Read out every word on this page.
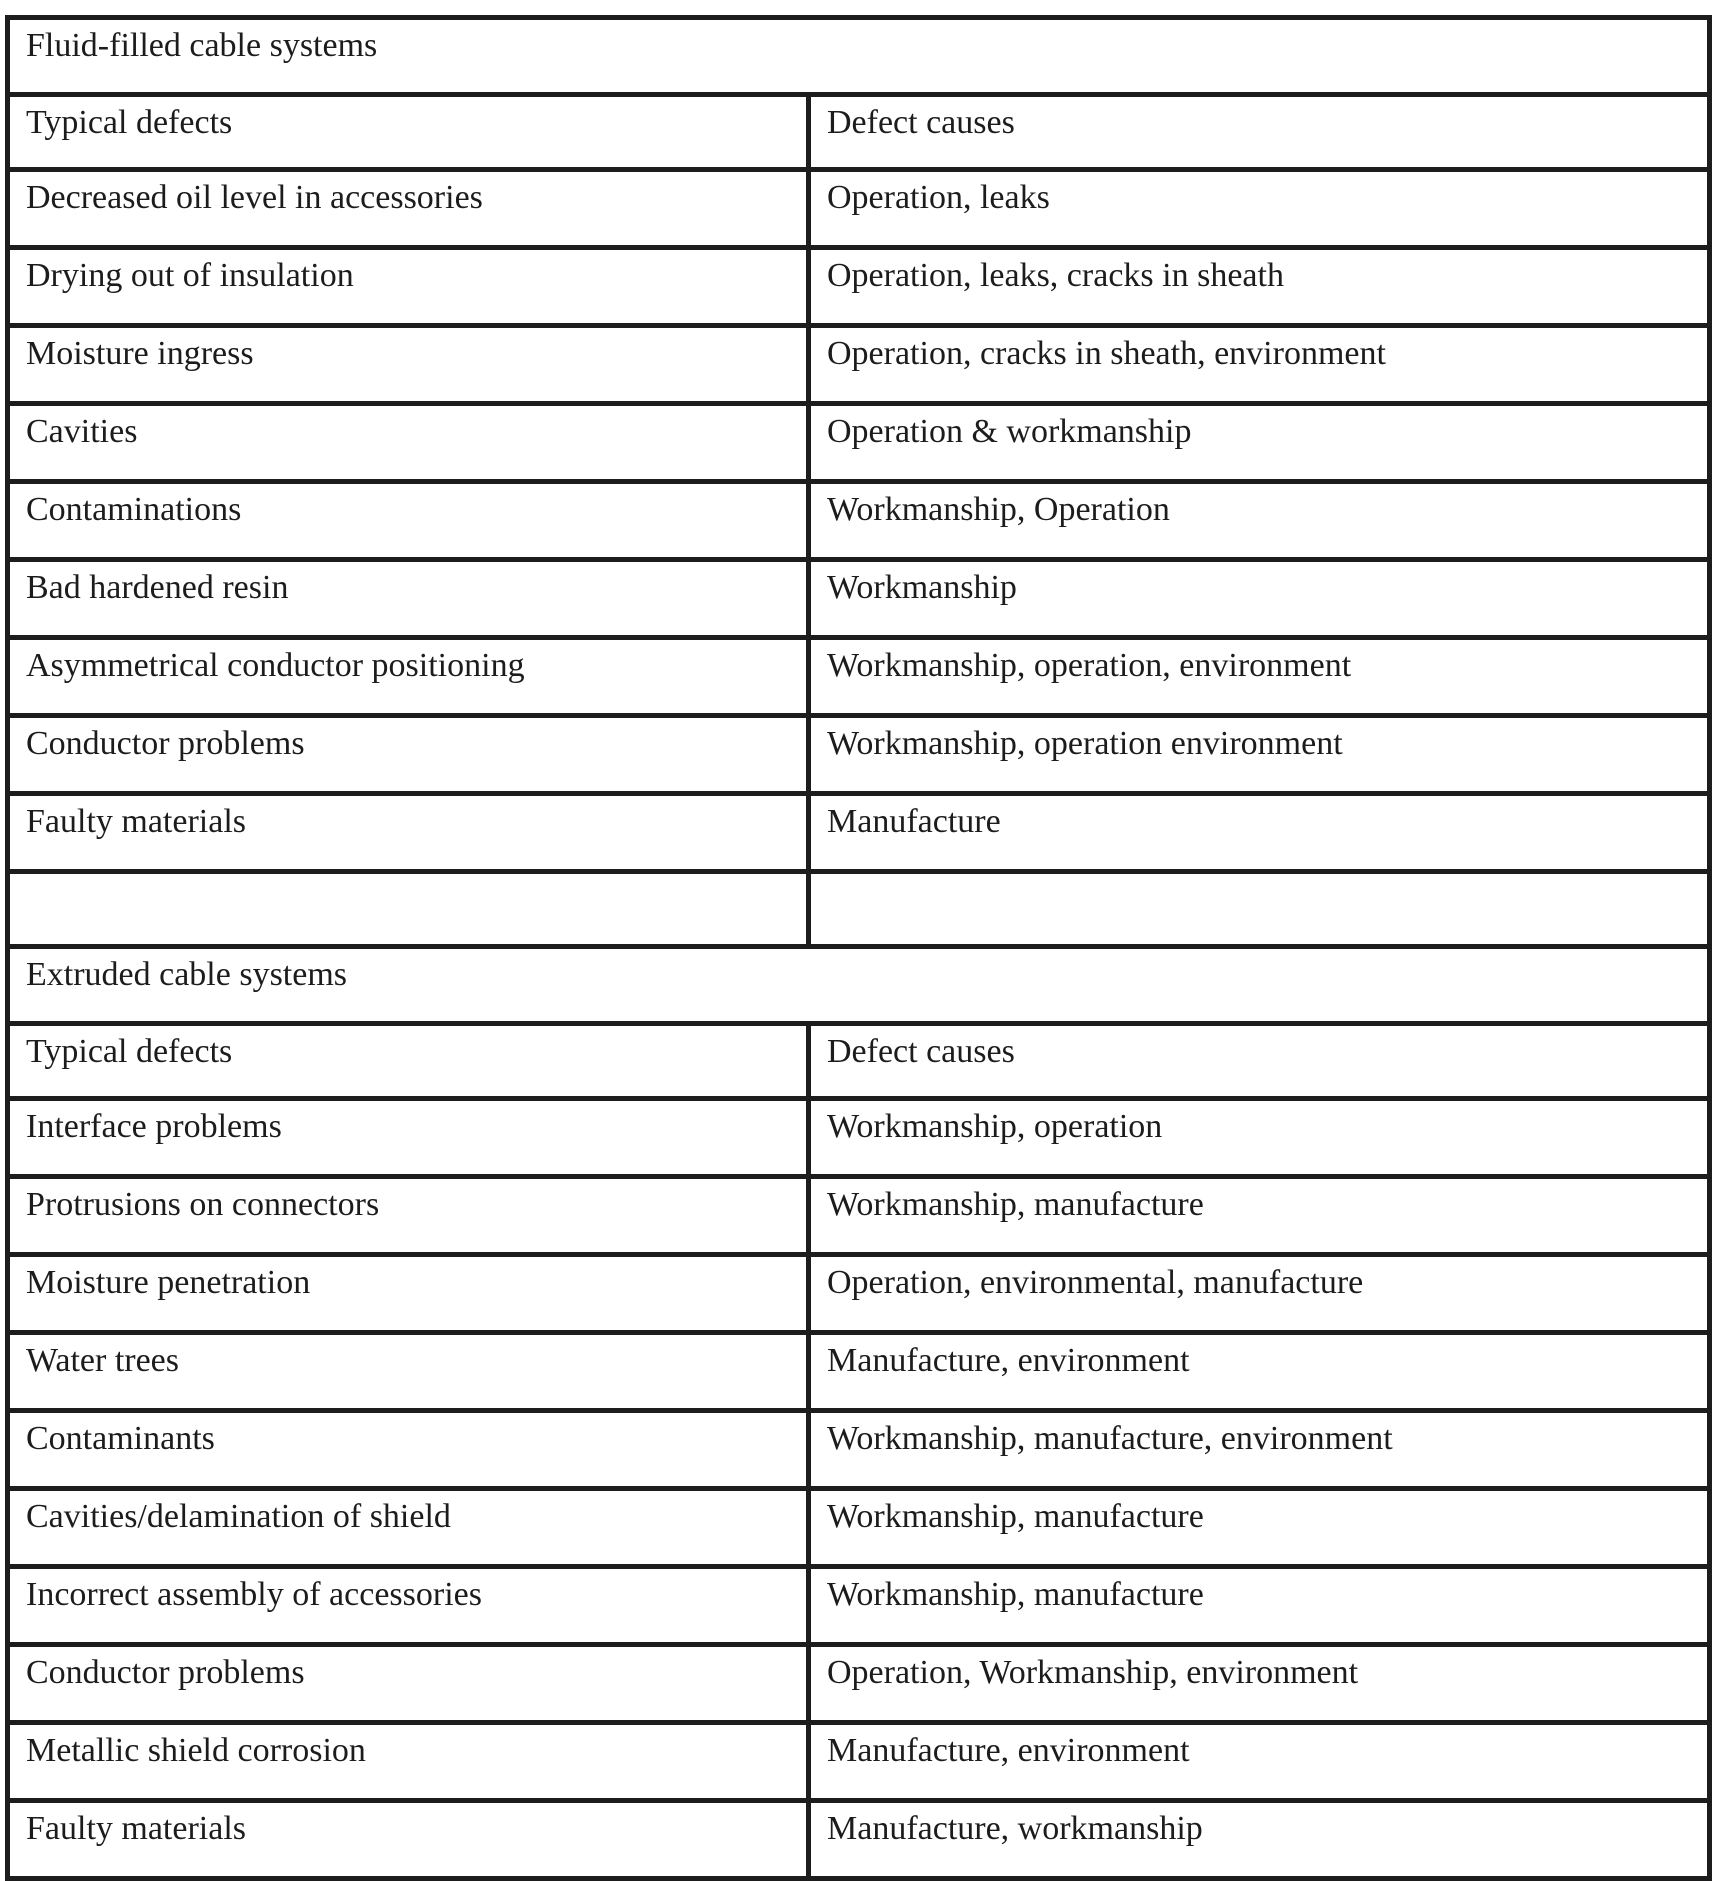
Fluid-filled cable systems	
Typical defects	Defect causes
Decreased oil level in accessories	Operation, leaks
Drying out of insulation	Operation, leaks, cracks in sheath
Moisture ingress	Operation, cracks in sheath, environment
Cavities	Operation & workmanship
Contaminations	Workmanship, Operation
Bad hardened resin	Workmanship
Asymmetrical conductor positioning	Workmanship, operation, environment
Conductor problems	Workmanship, operation environment
Faulty materials	Manufacture

Extruded cable systems	
Typical defects	Defect causes
Interface problems	Workmanship, operation
Protrusions on connectors	Workmanship, manufacture
Moisture penetration	Operation, environmental, manufacture
Water trees	Manufacture, environment
Contaminants	Workmanship, manufacture, environment
Cavities/delamination of shield	Workmanship, manufacture
Incorrect assembly of accessories	Workmanship, manufacture
Conductor problems	Operation, Workmanship, environment
Metallic shield corrosion	Manufacture, environment
Faulty materials	Manufacture, workmanship
